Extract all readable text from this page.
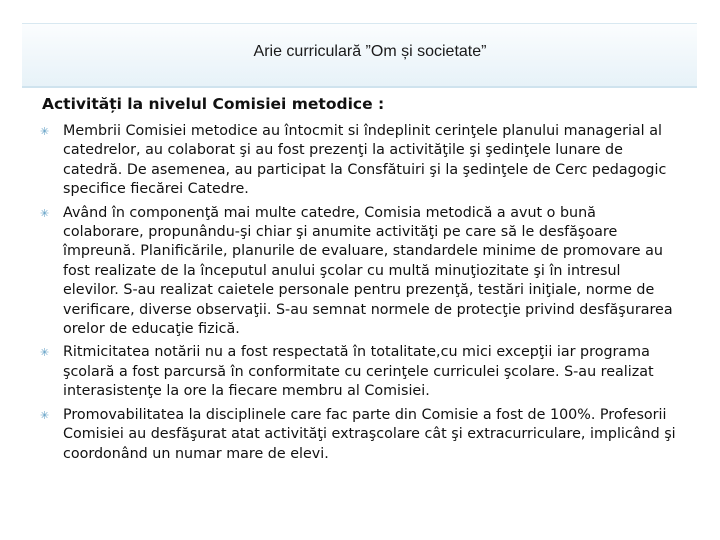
Arie curriculară ”Om și societate”
Activități la nivelul Comisiei metodice :
✳ Membrii Comisiei metodice au întocmit si îndeplinit cerinţele planului managerial al catedrelor, au colaborat şi au fost prezenţi la activităţile şi şedinţele lunare de catedră. De asemenea, au participat la Consfătuiri şi la şedinţele de Cerc pedagogic specifice fiecărei Catedre.
✳ Având în componenţă mai multe catedre, Comisia metodică a avut o bună colaborare, propunându-şi chiar şi anumite activităţi pe care să le desfăşoare împreună. Planificările, planurile de evaluare, standardele minime de promovare au fost realizate de la începutul anului şcolar cu multă minuţiozitate şi în intresul elevilor. S-au realizat caietele personale pentru prezenţă, testări iniţiale, norme de verificare, diverse observaţii. S-au semnat normele de protecţie privind desfăşurarea orelor de educaţie fizică.
✳ Ritmicitatea notării nu a fost respectată în totalitate,cu mici excepţii iar programa şcolară a fost parcursă în conformitate cu cerinţele curriculei şcolare. S-au realizat interasistenţe la ore la fiecare membru al Comisiei.
✳ Promovabilitatea la disciplinele care fac parte din Comisie a fost de 100%. Profesorii Comisiei au desfăşurat atat activităţi extraşcolare cât şi extracurriculare, implicând şi coordonând un numar mare de elevi.
